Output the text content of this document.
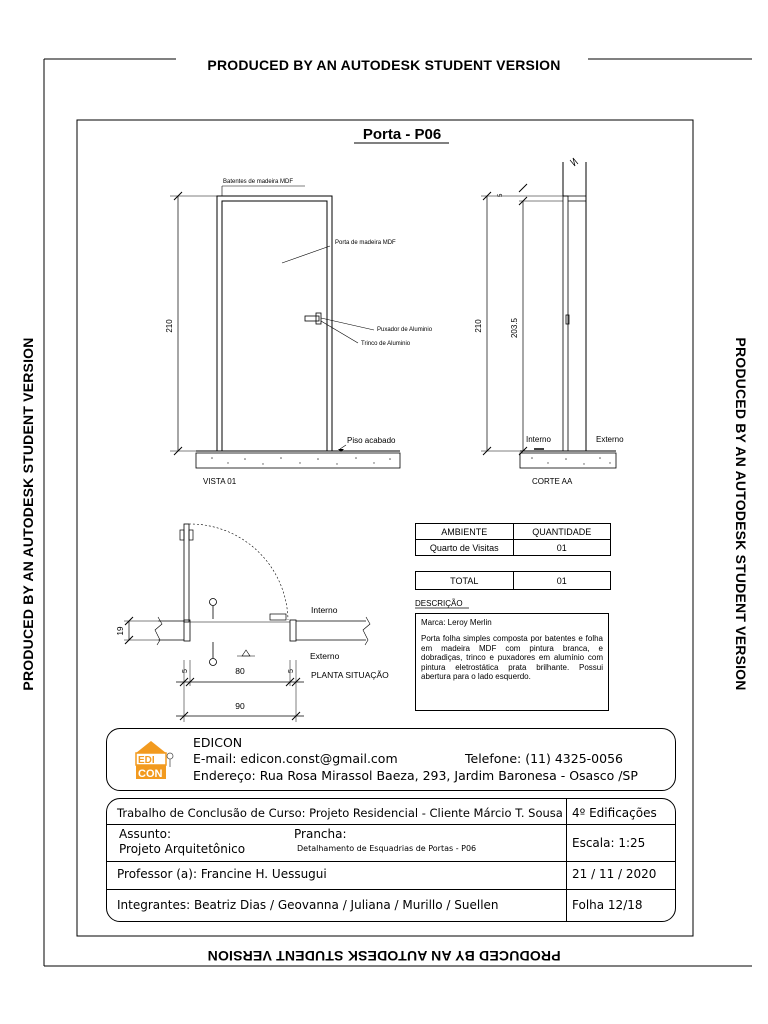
PRODUCED BY AN AUTODESK STUDENT VERSION
PRODUCED BY AN AUTODESK STUDENT VERSION
PRODUCED BY AN AUTODESK STUDENT VERSION	PRODUCED BY AN AUTODESK STUDENT VERSION
Porta - P06
Batentes de madeira MDF
Porta de madeira MDF
Puxador de Aluminio
Trinco de Aluminio
Piso acabado
210
VISTA 01
210	203.5
5
Interno	Externo
CORTE AA
Interno
Externo
19
5	5
80
90
PLANTA SITUAÇÃO
DESCRIÇÃO
AMBIENTE	QUANTIDADE
Quarto de Visitas	01
TOTAL	01

Marca: Leroy Merlin

Porta folha simples composta por batentes e folha em madeira MDF com pintura branca, e dobradiças, trinco e puxadores em alumínio com pintura eletrostática prata brilhante. Possui abertura para o lado esquerdo.

EDI
CON
EDICON
E-mail: edicon.const@gmail.com	Telefone: (11) 4325-0056
Endereço: Rua Rosa Mirassol Baeza, 293, Jardim Baronesa - Osasco /SP
Trabalho de Conclusão de Curso: Projeto Residencial - Cliente Márcio T. Sousa 4º Edificações
Assunto:
Projeto Arquitetônico
Prancha:
Detalhamento de Esquadrias de Portas - P06	Escala: 1:25
Professor (a): Francine H. Uessugui	21 / 11 / 2020
Integrantes: Beatriz Dias / Geovanna / Juliana / Murillo / Suellen	Folha 12/18
